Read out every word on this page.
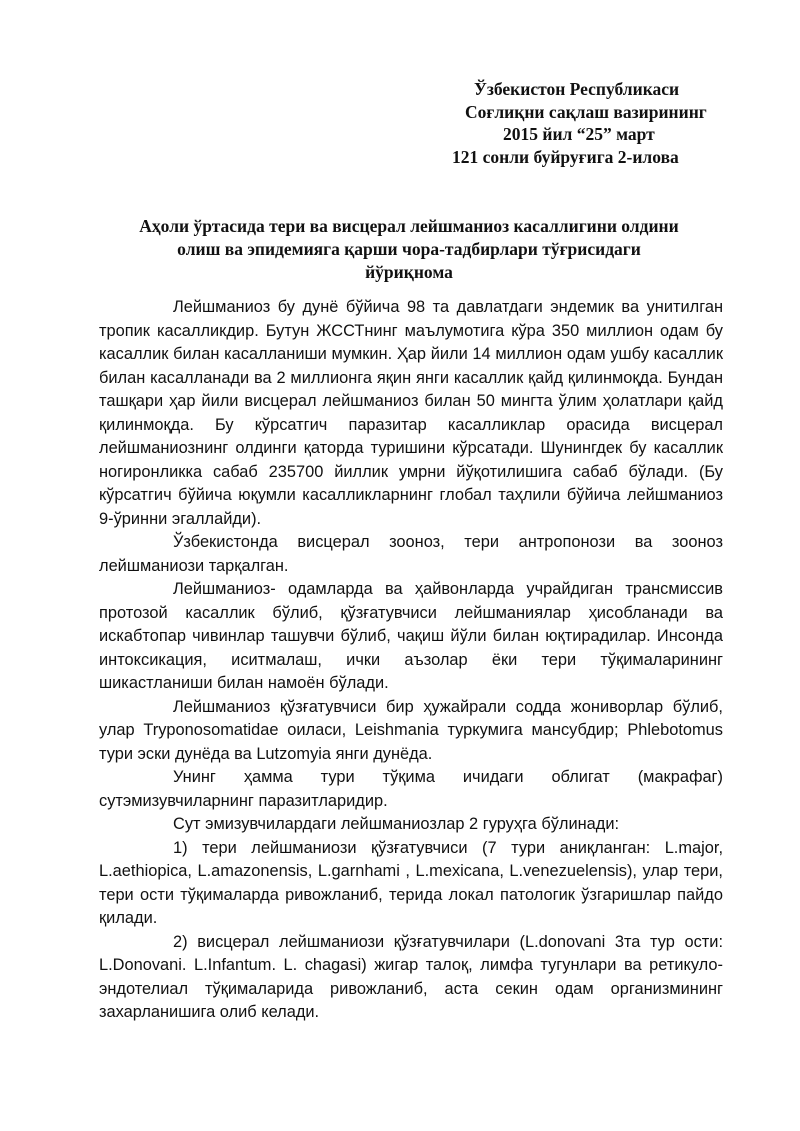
Ўзбекистон Республикаси
Соғлиқни сақлаш вазирининг
2015 йил “25” март
121 сонли буйруғига 2-илова
Аҳоли ўртасида тери ва висцерал лейшманиоз касаллигини олдини
олиш ва эпидемияга қарши чора-тадбирлари тўғрисидаги
йўриқнома

Лейшманиоз бу дунё бўйича 98 та давлатдаги эндемик ва унитилган тропик касалликдир. Бутун ЖССТнинг маълумотига кўра 350 миллион одам бу касаллик билан касалланиши мумкин. Ҳар йили 14 миллион одам ушбу касаллик билан касалланади ва 2 миллионга яқин янги касаллик қайд қилинмоқда. Бундан ташқари ҳар йили висцерал лейшманиоз билан 50 мингта ўлим ҳолатлари қайд қилинмоқда. Бу кўрсатгич паразитар касалликлар орасида висцерал лейшманиознинг олдинги қаторда туришини кўрсатади. Шунингдек бу касаллик ногиронликка сабаб 235700 йиллик умрни йўқотилишига сабаб бўлади. (Бу кўрсатгич бўйича юқумли касалликларнинг глобал таҳлили бўйича лейшманиоз 9-ўринни эгаллайди).

Ўзбекистонда висцерал зооноз, тери антропонози ва зооноз лейшманиози тарқалган.

Лейшманиоз- одамларда ва ҳайвонларда учрайдиган трансмиссив протозой касаллик бўлиб, қўзғатувчиси лейшманиялар ҳисобланади ва искабтопар чивинлар ташувчи бўлиб, чақиш йўли билан юқтирадилар. Инсонда интоксикация, иситмалаш, ички аъзолар ёки тери тўқималарининг шикастланиши билан намоён бўлади.

Лейшманиоз қўзғатувчиси бир ҳужайрали содда жониворлар бўлиб, улар Tryponosomatidae оиласи, Leishmania туркумига мансубдир; Phlebotomus тури эски дунёда ва Lutzomyia янги дунёда.

Унинг ҳамма тури тўқима ичидаги облигат (макрафаг) сутэмизувчиларнинг паразитларидир.

Сут эмизувчилардаги лейшманиозлар 2 гуруҳга бўлинади:

1) тери лейшманиози қўзғатувчиси (7 тури аниқланган: L.major, L.aethiopica, L.amazonensis, L.garnhami , L.mexicana, L.venezuelensis), улар тери, тери ости тўқималарда ривожланиб, терида локал патологик ўзгаришлар пайдо қилади.

2) висцерал лейшманиози қўзғатувчилари (L.donovani 3та тур ости: L.Donovani. L.Infantum. L. chagasi) жигар талоқ, лимфа тугунлари ва ретикуло- эндотелиал тўқималарида ривожланиб, аста секин одам организмининг захарланишига олиб келади.
